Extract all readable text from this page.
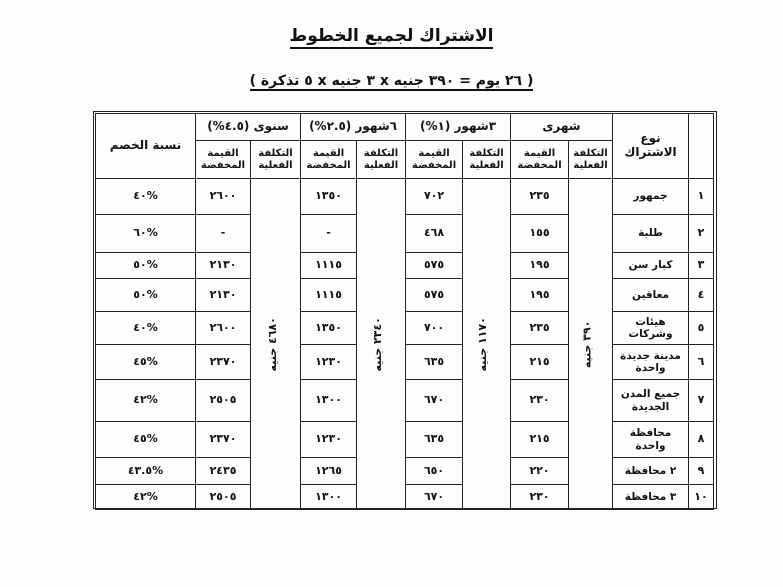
الاشتراك لجميع الخطوط
( ٥ تذكرة x ٣ جنيه x ٢٦ يوم = ٣٩٠ جنيه )
	نوع الاشتراك	شهرى		٣شهور (١%)		٦شهور (٢.٥%)		سنوى (٤.٥%)		نسبة الخصم
		التكلفة الفعلية	القيمة المخفضة	التكلفة الفعلية	القيمة المخفضة	التكلفة الفعلية	القيمة المخفضة	التكلفة الفعلية	القيمة المخفضة	
١	جمهور	٣٩٠ جنيه	٢٣٥	١١٧٠ جنيه	٧٠٢	٢٣٤٠ جنيه	١٣٥٠	٤٦٨٠ جنيه	٢٦٠٠	%٤٠
٢	طلبة		١٥٥		٤٦٨		-		-	%٦٠
٣	كبار سن		١٩٥		٥٧٥		١١١٥		٢١٣٠	%٥٠
٤	معاقين		١٩٥		٥٧٥		١١١٥		٢١٣٠	%٥٠
٥	هيئات وشركات		٢٣٥		٧٠٠		١٣٥٠		٢٦٠٠	%٤٠
٦	مدينة جديدة واحدة		٢١٥		٦٣٥		١٢٣٠		٢٣٧٠	%٤٥
٧	جميع المدن الجديدة		٢٣٠		٦٧٠		١٣٠٠		٢٥٠٥	%٤٢
٨	محافظة واحدة		٢١٥		٦٣٥		١٢٣٠		٢٣٧٠	%٤٥
٩	٢ محافظة		٢٢٠		٦٥٠		١٢٦٥		٢٤٣٥	%٤٣.٥
١٠	٣ محافظة		٢٣٠		٦٧٠		١٣٠٠		٢٥٠٥	%٤٢
